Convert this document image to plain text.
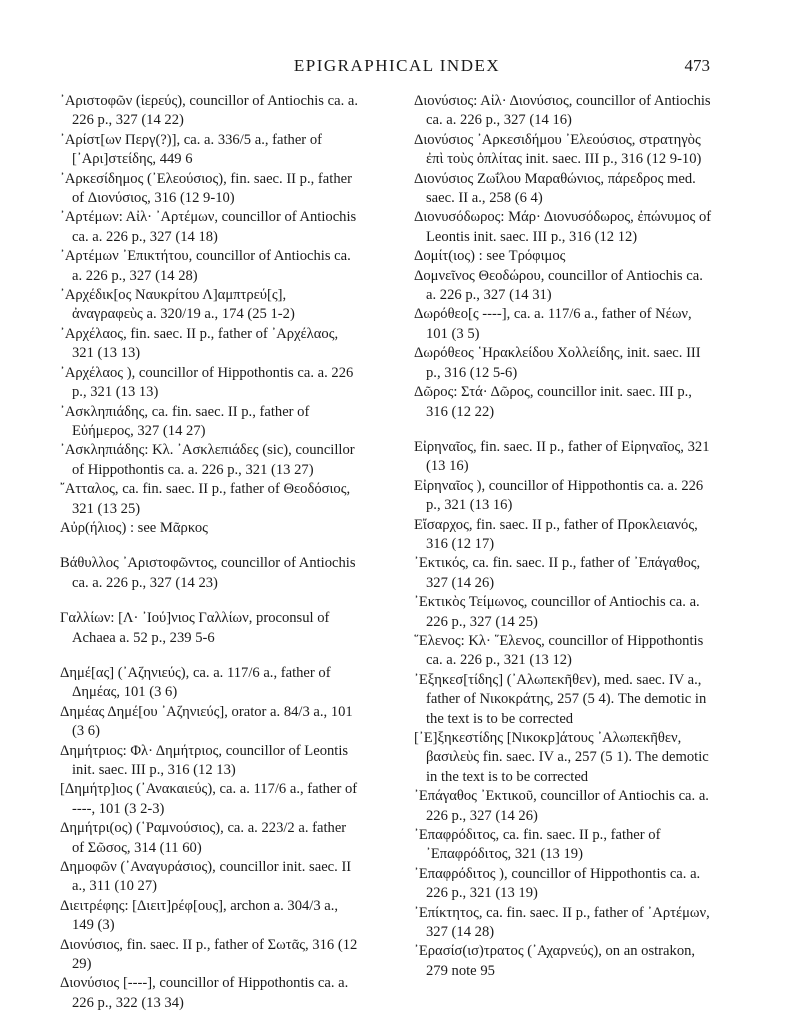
EPIGRAPHICAL INDEX	473

᾿Αριστοφῶν (ἱερεύς), councillor of Antiochis ca. a. 226 p., 327 (14 22)

᾿Αρίστ[ων Περγ(?)], ca. a. 336/5 a., father of [᾿Αρι]στείδης, 449 6

᾿Αρκεσίδημος (᾿Ελεούσιος), fin. saec. II p., father of Διονύσιος, 316 (12 9-10)

᾿Αρτέμων: Αἰλ· ᾿Αρτέμων, councillor of Antiochis ca. a. 226 p., 327 (14 18)

᾿Αρτέμων ᾿Επικτήτου, councillor of Antiochis ca. a. 226 p., 327 (14 28)

᾿Αρχέδικ[ος Ναυκρίτου Λ]αμπτρεύ[ς], ἀναγραφεὺς a. 320/19 a., 174 (25 1-2)

᾿Αρχέλαος, fin. saec. II p., father of ᾿Αρχέλαος, 321 (13 13)

᾿Αρχέλαος ), councillor of Hippothontis ca. a. 226 p., 321 (13 13)

᾿Ασκληπιάδης, ca. fin. saec. II p., father of Εὐήμερος, 327 (14 27)

᾿Ασκληπιάδης: Κλ. ᾿Ασκλεπιάδες (sic), councillor of Hippothontis ca. a. 226 p., 321 (13 27)

῎Ατταλος, ca. fin. saec. II p., father of Θεοδόσιος, 321 (13 25)

Αὐρ(ήλιος) : see Μᾶρκος

Βάθυλλος ᾿Αριστοφῶντος, councillor of Antiochis ca. a. 226 p., 327 (14 23)

Γαλλίων: [Λ· ᾿Ιού]νιος Γαλλίων, proconsul of Achaea a. 52 p., 239 5-6

Δημέ[ας] (᾿Αζηνιεύς), ca. a. 117/6 a., father of Δημέας, 101 (3 6)

Δημέας Δημέ[ου ᾿Αζηνιεύς], orator a. 84/3 a., 101 (3 6)

Δημήτριος: Φλ· Δημήτριος, councillor of Leontis init. saec. III p., 316 (12 13)

[Δημήτρ]ιος (᾿Ανακαιεύς), ca. a. 117/6 a., father of ----, 101 (3 2-3)

Δημήτρι(ος) (῾Ραμνούσιος), ca. a. 223/2 a. father of Σῶσος, 314 (11 60)

Δημοφῶν (᾿Αναγυράσιος), councillor init. saec. II a., 311 (10 27)

Διειτρέφης: [Διειτ]ρέφ[ους], archon a. 304/3 a., 149 (3)

Διονύσιος, fin. saec. II p., father of Σωτᾶς, 316 (12 29)

Διονύσιος [----], councillor of Hippothontis ca. a. 226 p., 322 (13 34)

Διονύσιος: Αἰλ· Διονύσιος, councillor of Antiochis ca. a. 226 p., 327 (14 16)

Διονύσιος ᾿Αρκεσιδήμου ᾿Ελεούσιος, στρατηγὸς ἐπὶ τοὺς ὁπλίτας init. saec. III p., 316 (12 9-10)

Διονύσιος Ζωΐλου Μαραθώνιος, πάρεδρος med. saec. II a., 258 (6 4)

Διονυσόδωρος: Μάρ· Διονυσόδωρος, ἐπώνυμος of Leontis init. saec. III p., 316 (12 12)

Δομίτ(ιος) : see Τρόφιμος

Δομνεῖνος Θεοδώρου, councillor of Antiochis ca. a. 226 p., 327 (14 31)

Δωρόθεο[ς ----], ca. a. 117/6 a., father of Νέων, 101 (3 5)

Δωρόθεος ῾Ηρακλείδου Χολλείδης, init. saec. III p., 316 (12 5-6)

Δῶρος: Στά· Δῶρος, councillor init. saec. III p., 316 (12 22)

Εἰρηναῖος, fin. saec. II p., father of Εἰρηναῖος, 321 (13 16)

Εἰρηναῖος ), councillor of Hippothontis ca. a. 226 p., 321 (13 16)

Εἴσαρχος, fin. saec. II p., father of Προκλειανός, 316 (12 17)

᾿Εκτικός, ca. fin. saec. II p., father of ᾿Επάγαθος, 327 (14 26)

᾿Εκτικὸς Τείμωνος, councillor of Antiochis ca. a. 226 p., 327 (14 25)

῞Ελενος: Κλ· ῞Ελενος, councillor of Hippothontis ca. a. 226 p., 321 (13 12)

᾿Εξηκεσ[τίδης] (᾿Αλωπεκῆθεν), med. saec. IV a., father of Νικοκράτης, 257 (5 4). The demotic in the text is to be corrected

[᾿Ε]ξηκεστίδης [Νικοκρ]άτους ᾿Αλωπεκῆθεν, βασιλεὺς fin. saec. IV a., 257 (5 1). The demotic in the text is to be corrected

᾿Επάγαθος ᾿Εκτικοῦ, councillor of Antiochis ca. a. 226 p., 327 (14 26)

᾿Επαφρόδιτος, ca. fin. saec. II p., father of ᾿Επαφρόδιτος, 321 (13 19)

᾿Επαφρόδιτος ), councillor of Hippothontis ca. a. 226 p., 321 (13 19)

᾿Επίκτητος, ca. fin. saec. II p., father of ᾿Αρτέμων, 327 (14 28)

᾿Ερασίσ(ισ)τρατος (᾿Αχαρνεύς), on an ostrakon, 279 note 95
